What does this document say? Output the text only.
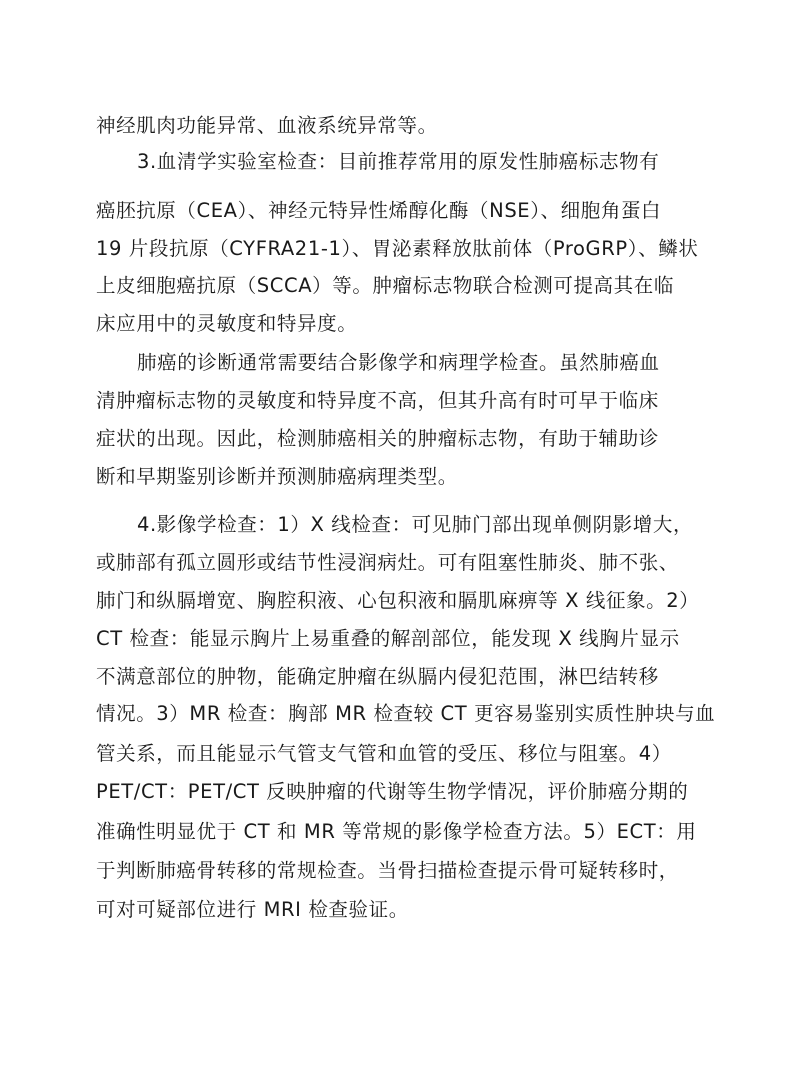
神经肌肉功能异常、血液系统异常等。
3.血清学实验室检查：目前推荐常用的原发性肺癌标志物有
癌胚抗原（CEA）、神经元特异性烯醇化酶（NSE）、细胞角蛋白
19 片段抗原（CYFRA21-1）、胃泌素释放肽前体（ProGRP）、鳞状
上皮细胞癌抗原（SCCA）等。肿瘤标志物联合检测可提高其在临
床应用中的灵敏度和特异度。
肺癌的诊断通常需要结合影像学和病理学检查。虽然肺癌血
清肿瘤标志物的灵敏度和特异度不高，但其升高有时可早于临床
症状的出现。因此，检测肺癌相关的肿瘤标志物，有助于辅助诊
断和早期鉴别诊断并预测肺癌病理类型。
4.影像学检查：1）X 线检查：可见肺门部出现单侧阴影增大，
或肺部有孤立圆形或结节性浸润病灶。可有阻塞性肺炎、肺不张、
肺门和纵膈增宽、胸腔积液、心包积液和膈肌麻痹等 X 线征象。2）
CT 检查：能显示胸片上易重叠的解剖部位，能发现 X 线胸片显示
不满意部位的肿物，能确定肿瘤在纵膈内侵犯范围，淋巴结转移
情况。3）MR 检查：胸部 MR 检查较 CT 更容易鉴别实质性肿块与血
管关系，而且能显示气管支气管和血管的受压、移位与阻塞。4）
PET/CT：PET/CT 反映肿瘤的代谢等生物学情况，评价肺癌分期的
准确性明显优于 CT 和 MR 等常规的影像学检查方法。5）ECT：用
于判断肺癌骨转移的常规检查。当骨扫描检查提示骨可疑转移时，
可对可疑部位进行 MRI 检查验证。
